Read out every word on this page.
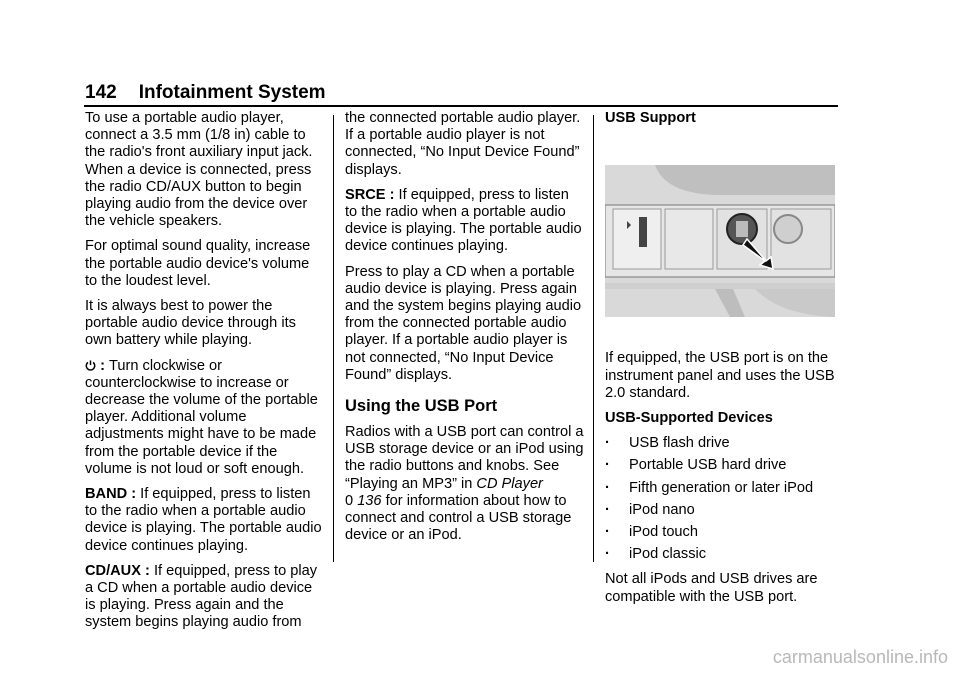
142 Infotainment System

To use a portable audio player, connect a 3.5 mm (1/8 in) cable to the radio's front auxiliary input jack. When a device is connected, press the radio CD/AUX button to begin playing audio from the device over the vehicle speakers.

For optimal sound quality, increase the portable audio device's volume to the loudest level.

It is always best to power the portable audio device through its own battery while playing.

: Turn clockwise or counterclockwise to increase or decrease the volume of the portable player. Additional volume adjustments might have to be made from the portable device if the volume is not loud or soft enough.

BAND : If equipped, press to listen to the radio when a portable audio device is playing. The portable audio device continues playing.

CD/AUX : If equipped, press to play a CD when a portable audio device is playing. Press again and the system begins playing audio from

the connected portable audio player. If a portable audio player is not connected, “No Input Device Found” displays.

SRCE : If equipped, press to listen to the radio when a portable audio device is playing. The portable audio device continues playing.

Press to play a CD when a portable audio device is playing. Press again and the system begins playing audio from the connected portable audio player. If a portable audio player is not connected, “No Input Device Found” displays.

Using the USB Port

Radios with a USB port can control a USB storage device or an iPod using the radio buttons and knobs. See “Playing an MP3” in CD Player
0 136 for information about how to connect and control a USB storage device or an iPod.

USB Support

If equipped, the USB port is on the instrument panel and uses the USB 2.0 standard.

USB-Supported Devices

· USB flash drive
· Portable USB hard drive
· Fifth generation or later iPod
· iPod nano
· iPod touch
· iPod classic

Not all iPods and USB drives are compatible with the USB port.

carmanualsonline.info
